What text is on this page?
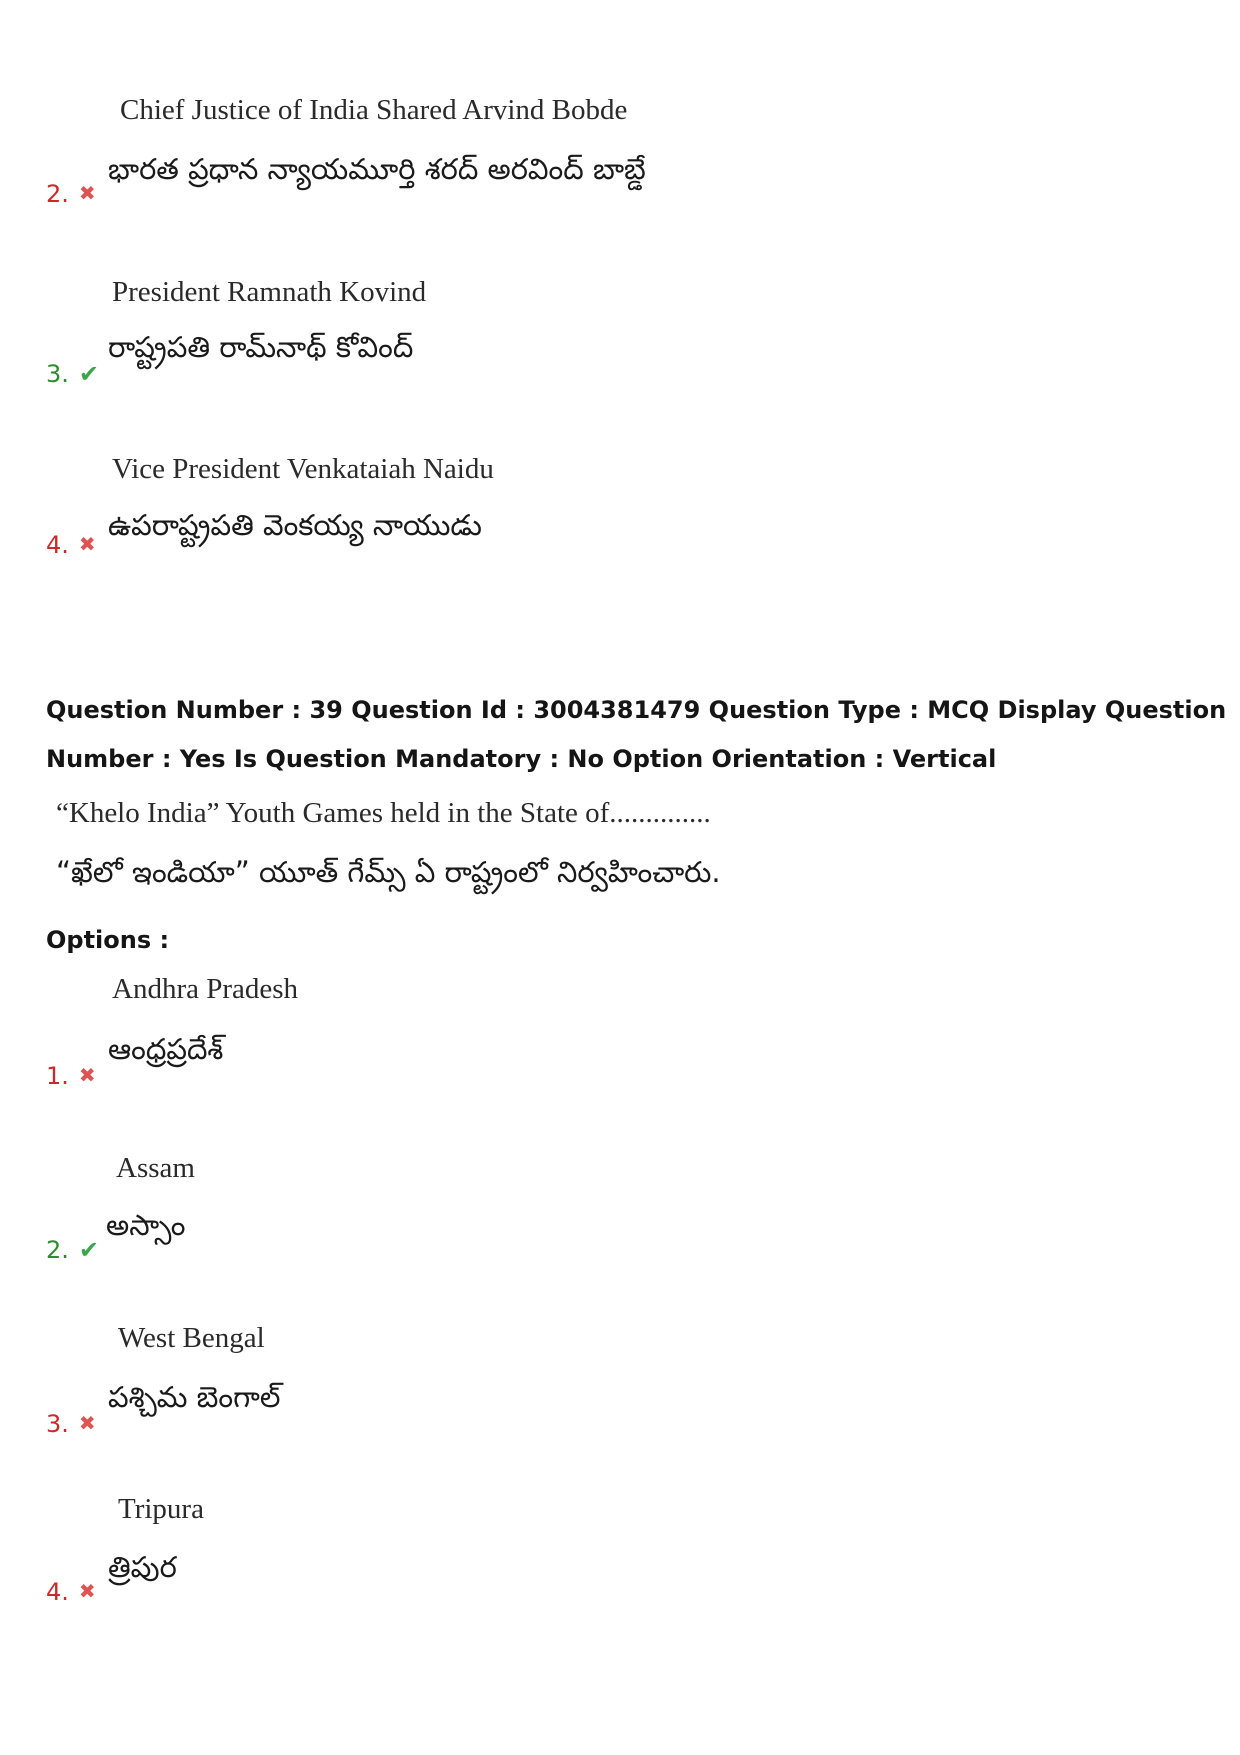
Chief Justice of India Shared Arvind Bobde
భారత ప్రధాన న్యాయమూర్తి శరద్ అరవింద్ బాబ్డే
2. ✖
President Ramnath Kovind
రాష్ట్రపతి రామ్‌నాథ్ కోవింద్
3. ✔
Vice President Venkataiah Naidu
ఉపరాష్ట్రపతి వెంకయ్య నాయుడు
4. ✖
Question Number : 39 Question Id : 3004381479 Question Type : MCQ Display Question
Number : Yes Is Question Mandatory : No Option Orientation : Vertical
“Khelo India” Youth Games held in the State of..............
“ఖేలో ఇండియా” యూత్ గేమ్స్ ఏ రాష్ట్రంలో నిర్వహించారు.
Options :
Andhra Pradesh
ఆంధ్రప్రదేశ్
1. ✖
Assam
అస్సాం
2. ✔
West Bengal
పశ్చిమ బెంగాల్
3. ✖
Tripura
త్రిపుర
4. ✖
